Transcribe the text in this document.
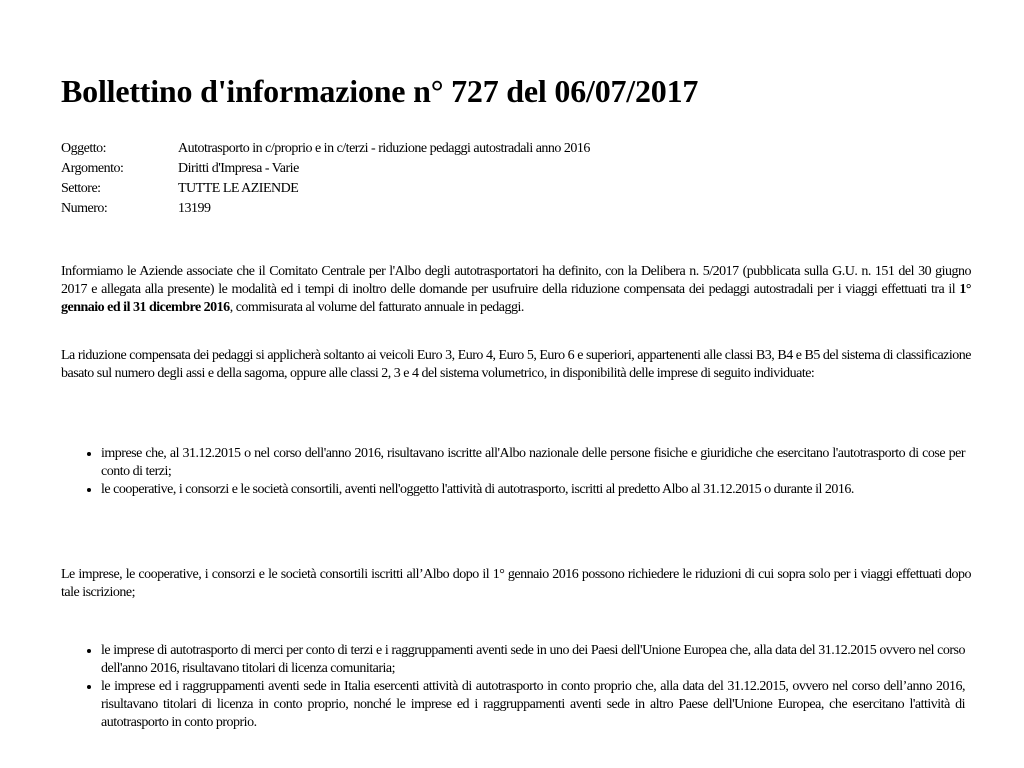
Bollettino d'informazione n° 727 del 06/07/2017
Oggetto:	Autotrasporto in c/proprio e in c/terzi - riduzione pedaggi autostradali anno 2016
Argomento:	Diritti d'Impresa - Varie
Settore:	TUTTE LE AZIENDE
Numero:	13199

Informiamo le Aziende associate che il Comitato Centrale per l'Albo degli autotrasportatori ha definito, con la Delibera n. 5/2017 (pubblicata sulla G.U. n. 151 del 30 giugno 2017 e allegata alla presente) le modalità ed i tempi di inoltro delle domande per usufruire della riduzione compensata dei pedaggi autostradali per i viaggi effettuati tra il 1° gennaio ed il 31 dicembre 2016, commisurata al volume del fatturato annuale in pedaggi.

La riduzione compensata dei pedaggi si applicherà soltanto ai veicoli Euro 3, Euro 4, Euro 5, Euro 6 e superiori, appartenenti alle classi B3, B4 e B5 del sistema di classificazione basato sul numero degli assi e della sagoma, oppure alle classi 2, 3 e 4 del sistema volumetrico, in disponibilità delle imprese di seguito individuate:

• imprese che, al 31.12.2015 o nel corso dell'anno 2016, risultavano iscritte all'Albo nazionale delle persone fisiche e giuridiche che esercitano l'autotrasporto di cose per conto di terzi;
• le cooperative, i consorzi e le società consortili, aventi nell'oggetto l'attività di autotrasporto, iscritti al predetto Albo al 31.12.2015 o durante il 2016.

Le imprese, le cooperative, i consorzi e le società consortili iscritti all’Albo dopo il 1° gennaio 2016 possono richiedere le riduzioni di cui sopra solo per i viaggi effettuati dopo tale iscrizione;

• le imprese di autotrasporto di merci per conto di terzi e i raggruppamenti aventi sede in uno dei Paesi dell'Unione Europea che, alla data del 31.12.2015 ovvero nel corso dell'anno 2016, risultavano titolari di licenza comunitaria;
• le imprese ed i raggruppamenti aventi sede in Italia esercenti attività di autotrasporto in conto proprio che, alla data del 31.12.2015, ovvero nel corso dell’anno 2016, risultavano titolari di licenza in conto proprio, nonché le imprese ed i raggruppamenti aventi sede in altro Paese dell'Unione Europea, che esercitano l'attività di autotrasporto in conto proprio.
